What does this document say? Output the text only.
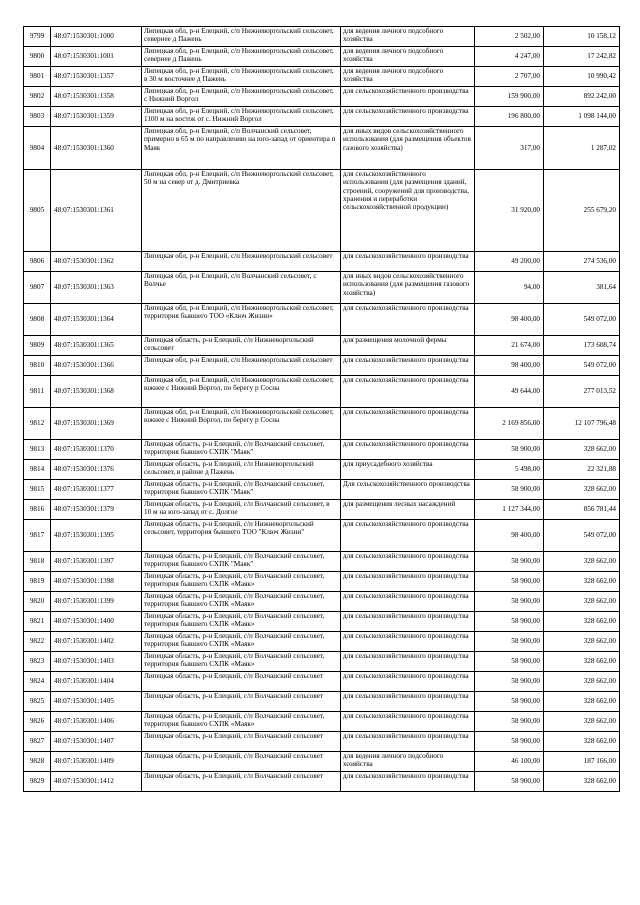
9799	48:07:1530301:1000	Липецкая обл, р-н Елецкий, с/п Нижневоргольский сельсовет, севернее д Пажень	для ведения личного подсобного хозяйства	2 502,00	10 158,12
9800	48:07:1530301:1001	Липецкая обл, р-н Елецкий, с/п Нижневоргольский сельсовет, севернее д Пажень	для ведения личного подсобного хозяйства	4 247,00	17 242,82
9801	48:07:1530301:1357	Липецкая обл, р-н Елецкий, с/п Нижневоргольский сельсовет, в 30 м восточнее д Пажень	для ведения личного подсобного хозяйства	2 707,00	10 990,42
9802	48:07:1530301:1358	Липецкая обл, р-н Елецкий, с/п Нижневоргольский сельсовет, с Нижний Воргол	для сельскохозяйственного производства	159 900,00	892 242,00
9803	48:07:1530301:1359	Липецкая обл, р-н Елецкий, с/п Нижневоргольский сельсовет, 1100 м на восток от с. Нижний Воргол	для сельскохозяйственного производства	196 800,00	1 098 144,00
9804	48:07:1530301:1360	Липецкая обл, р-н Елецкий, с/п Волчанский сельсовет, примерно в 65 м по направлению на юго-запад от ориентира п Маяк	для иных видов сельскохозяйственного использования (для размещения объектов газового хозяйства)	317,00	1 287,02
9805	48:07:1530301:1361	Липецкая обл, р-н Елецкий, с/п Нижневоргольский сельсовет, 50 м на север от д. Дмитриевка	для сельскохозяйственного использования (для размещения зданий, строений, сооружений для производства, хранения и переработки сельскохозяйственной продукции)	31 920,00	255 679,20
9806	48:07:1530301:1362	Липецкая обл, р-н Елецкий, с/п Нижневоргольский сельсовет	для сельскохозяйственного производства	49 200,00	274 536,00
9807	48:07:1530301:1363	Липецкая обл, р-н Елецкий, с/п Волчанский сельсовет, с Волчье	для иных видов сельскохозяйственного использования (для размещения газового хозяйства)	94,00	381,64
9808	48:07:1530301:1364	Липецкая обл, р-н Елецкий, с/п Нижневоргольский сельсовет, территория бывшего ТОО «Ключ Жизни»	для сельскохозяйственного производства	98 400,00	549 072,00
9809	48:07:1530301:1365	Липецкая область, р-н Елецкий, с/п Нижневоргольский сельсовет	для размещения молочной фермы	21 674,00	173 608,74
9810	48:07:1530301:1366	Липецкая обл, р-н Елецкий, с/п Нижневоргольский сельсовет	для сельскохозяйственного производства	98 400,00	549 072,00
9811	48:07:1530301:1368	Липецкая обл, р-н Елецкий, с/п Нижневоргольский сельсовет, южнее с Нижний Воргол, по берегу р Сосна	для сельскохозяйственного производства	49 644,00	277 013,52
9812	48:07:1530301:1369	Липецкая обл, р-н Елецкий, с/п Нижневоргольский сельсовет, южнее с Нижний Воргол, по берегу р Сосна	для сельскохозяйственного производства	2 169 856,00	12 107 796,48
9813	48:07:1530301:1370	Липецкая область, р-н Елецкий, с/п Волчанский сельсовет, территория бывшего СХПК "Маяк"	для сельскохозяйственного производства	58 900,00	328 662,00
9814	48:07:1530301:1376	Липецкая область, р-н Елецкий, с/п Нижневоргольский сельсовет, в районе д Пажень	для приусадебного хозяйства	5 498,00	22 321,88
9815	48:07:1530301:1377	Липецкая область, р-н Елецкий, с/п Волчанский сельсовет, территория бывшего СХПК "Маяк"	Для сельскохозяйственного производства	58 900,00	328 662,00
9816	48:07:1530301:1379	Липецкая область, р-н Елецкий, с/п Волчанский сельсовет, в 10 м на юго-запад от с. Долгое	для размещения лесных насаждений	1 127 344,00	856 781,44
9817	48:07:1530301:1395	Липецкая область, р-н Елецкий, с/п Нижневоргольский сельсовет, территория бывшего ТОО "Ключ Жизни"	для сельскохозяйственного производства	98 400,00	549 072,00
9818	48:07:1530301:1397	Липецкая область, р-н Елецкий, с/п Волчанский сельсовет, территория бывшего СХПК "Маяк"	для сельскохозяйственного производства	58 900,00	328 662,00
9819	48:07:1530301:1398	Липецкая область, р-н Елецкий, с/п Волчанский сельсовет, территория бывшего СХПК «Маяк»	для сельскохозяйственного производства	58 900,00	328 662,00
9820	48:07:1530301:1399	Липецкая область, р-н Елецкий, с/п Волчанский сельсовет, территория бывшего СХПК «Маяк»	для сельскохозяйственного производства	58 900,00	328 662,00
9821	48:07:1530301:1400	Липецкая область, р-н Елецкий, с/п Волчанский сельсовет, территория бывшего СХПК «Маяк»	для сельскохозяйственного производства	58 900,00	328 662,00
9822	48:07:1530301:1402	Липецкая область, р-н Елецкий, с/п Волчанский сельсовет, территория бывшего СХПК «Маяк»	для сельскохозяйственного производства	58 900,00	328 662,00
9823	48:07:1530301:1403	Липецкая область, р-н Елецкий, с/п Волчанский сельсовет, территория бывшего СХПК «Маяк»	для сельскохозяйственного производства	58 900,00	328 662,00
9824	48:07:1530301:1404	Липецкая область, р-н Елецкий, с/п Волчанский сельсовет	для сельскохозяйственного производства	58 900,00	328 662,00
9825	48:07:1530301:1405	Липецкая область, р-н Елецкий, с/п Волчанский сельсовет	для сельскохозяйственного производства	58 900,00	328 662,00
9826	48:07:1530301:1406	Липецкая область, р-н Елецкий, с/п Волчанский сельсовет, территория бывшего СХПК «Маяк»	для сельскохозяйственного производства	58 900,00	328 662,00
9827	48:07:1530301:1407	Липецкая область, р-н Елецкий, с/п Волчанский сельсовет	для сельскохозяйственного производства	58 900,00	328 662,00
9828	48:07:1530301:1409	Липецкая область, р-н Елецкий, с/п Волчанский сельсовет	для ведения личного подсобного хозяйства	46 100,00	187 166,00
9829	48:07:1530301:1412	Липецкая область, р-н Елецкий, с/п Волчанский сельсовет	для сельскохозяйственного производства	58 900,00	328 662,00
